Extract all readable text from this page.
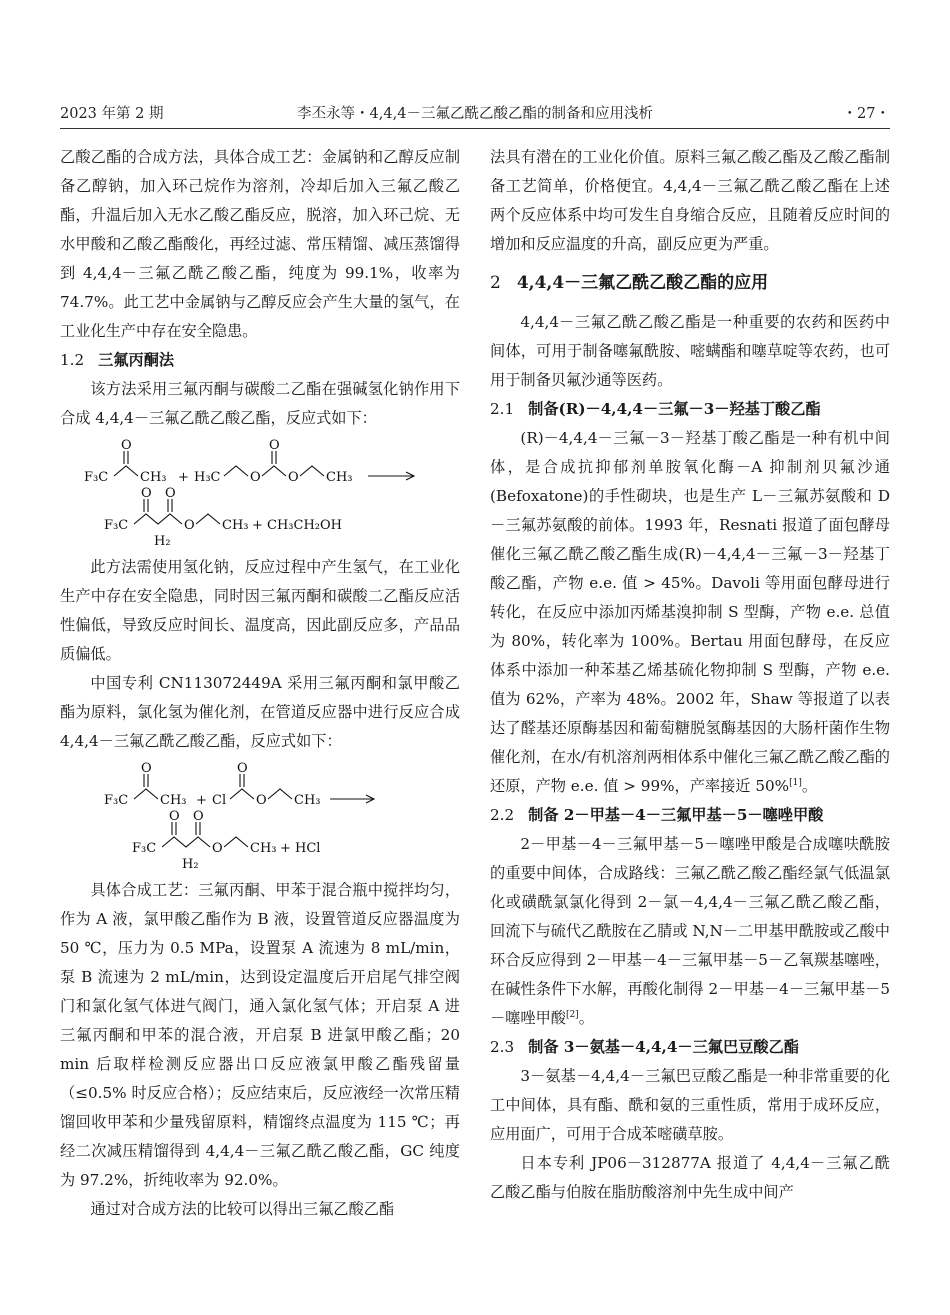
2023 年第 2 期	李丕永等・4,4,4－三氟乙酰乙酸乙酯的制备和应用浅析	・27・

乙酸乙酯的合成方法，具体合成工艺：金属钠和乙醇反应制备乙醇钠，加入环己烷作为溶剂，冷却后加入三氟乙酸乙酯，升温后加入无水乙酸乙酯反应，脱溶，加入环己烷、无水甲酸和乙酸乙酯酸化，再经过滤、常压精馏、减压蒸馏得到 4,4,4－三氟乙酰乙酸乙酯，纯度为 99.1%，收率为 74.7%。此工艺中金属钠与乙醇反应会产生大量的氢气，在工业化生产中存在安全隐患。

1.2 三氟丙酮法

该方法采用三氟丙酮与碳酸二乙酯在强碱氢化钠作用下合成 4,4,4－三氟乙酰乙酸乙酯，反应式如下：

F₃C
O
CH₃ + H₃C O
O
O CH₃
F₃C
O O
H₂
O CH₃ + CH₃CH₂OH

此方法需使用氢化钠，反应过程中产生氢气，在工业化生产中存在安全隐患，同时因三氟丙酮和碳酸二乙酯反应活性偏低，导致反应时间长、温度高，因此副反应多，产品品质偏低。

中国专利 CN113072449A 采用三氟丙酮和氯甲酸乙酯为原料，氯化氢为催化剂，在管道反应器中进行反应合成 4,4,4－三氟乙酰乙酸乙酯，反应式如下：

F₃C
O
CH₃ + Cl
O
O CH₃
F₃C
O O
H₂
O CH₃ + HCl

具体合成工艺：三氟丙酮、甲苯于混合瓶中搅拌均匀，作为 A 液，氯甲酸乙酯作为 B 液，设置管道反应器温度为 50 ℃，压力为 0.5 MPa，设置泵 A 流速为 8 mL/min，泵 B 流速为 2 mL/min，达到设定温度后开启尾气排空阀门和氯化氢气体进气阀门，通入氯化氢气体；开启泵 A 进三氟丙酮和甲苯的混合液，开启泵 B 进氯甲酸乙酯；20 min 后取样检测反应器出口反应液氯甲酸乙酯残留量（≤0.5% 时反应合格）；反应结束后，反应液经一次常压精馏回收甲苯和少量残留原料，精馏终点温度为 115 ℃；再经二次减压精馏得到 4,4,4－三氟乙酰乙酸乙酯，GC 纯度为 97.2%，折纯收率为 92.0%。

通过对合成方法的比较可以得出三氟乙酸乙酯

法具有潜在的工业化价值。原料三氟乙酸乙酯及乙酸乙酯制备工艺简单，价格便宜。4,4,4－三氟乙酰乙酸乙酯在上述两个反应体系中均可发生自身缩合反应，且随着反应时间的增加和反应温度的升高，副反应更为严重。

2 4,4,4－三氟乙酰乙酸乙酯的应用

4,4,4－三氟乙酰乙酸乙酯是一种重要的农药和医药中间体，可用于制备噻氟酰胺、嘧螨酯和噻草啶等农药，也可用于制备贝氟沙通等医药。

2.1 制备(R)－4,4,4－三氟－3－羟基丁酸乙酯

(R)－4,4,4－三氟－3－羟基丁酸乙酯是一种有机中间体，是合成抗抑郁剂单胺氧化酶－A 抑制剂贝氟沙通(Befoxatone)的手性砌块，也是生产 L－三氟苏氨酸和 D－三氟苏氨酸的前体。1993 年，Resnati 报道了面包酵母催化三氟乙酰乙酸乙酯生成(R)－4,4,4－三氟－3－羟基丁酸乙酯，产物 e.e. 值 > 45%。Davoli 等用面包酵母进行转化，在反应中添加丙烯基溴抑制 S 型酶，产物 e.e. 总值为 80%，转化率为 100%。Bertau 用面包酵母，在反应体系中添加一种苯基乙烯基硫化物抑制 S 型酶，产物 e.e. 值为 62%，产率为 48%。2002 年，Shaw 等报道了以表达了醛基还原酶基因和葡萄糖脱氢酶基因的大肠杆菌作生物催化剂，在水/有机溶剂两相体系中催化三氟乙酰乙酸乙酯的还原，产物 e.e. 值 > 99%，产率接近 50%[1]。

2.2 制备 2－甲基－4－三氟甲基－5－噻唑甲酸

2－甲基－4－三氟甲基－5－噻唑甲酸是合成噻呋酰胺的重要中间体，合成路线：三氟乙酰乙酸乙酯经氯气低温氯化或磺酰氯氯化得到 2－氯－4,4,4－三氟乙酰乙酸乙酯，回流下与硫代乙酰胺在乙腈或 N,N－二甲基甲酰胺或乙酸中环合反应得到 2－甲基－4－三氟甲基－5－乙氧羰基噻唑，在碱性条件下水解，再酸化制得 2－甲基－4－三氟甲基－5－噻唑甲酸[2]。

2.3 制备 3－氨基－4,4,4－三氟巴豆酸乙酯

3－氨基－4,4,4－三氟巴豆酸乙酯是一种非常重要的化工中间体，具有酯、酰和氨的三重性质，常用于成环反应，应用面广，可用于合成苯嘧磺草胺。

日本专利 JP06－312877A 报道了 4,4,4－三氟乙酰乙酸乙酯与伯胺在脂肪酸溶剂中先生成中间产
